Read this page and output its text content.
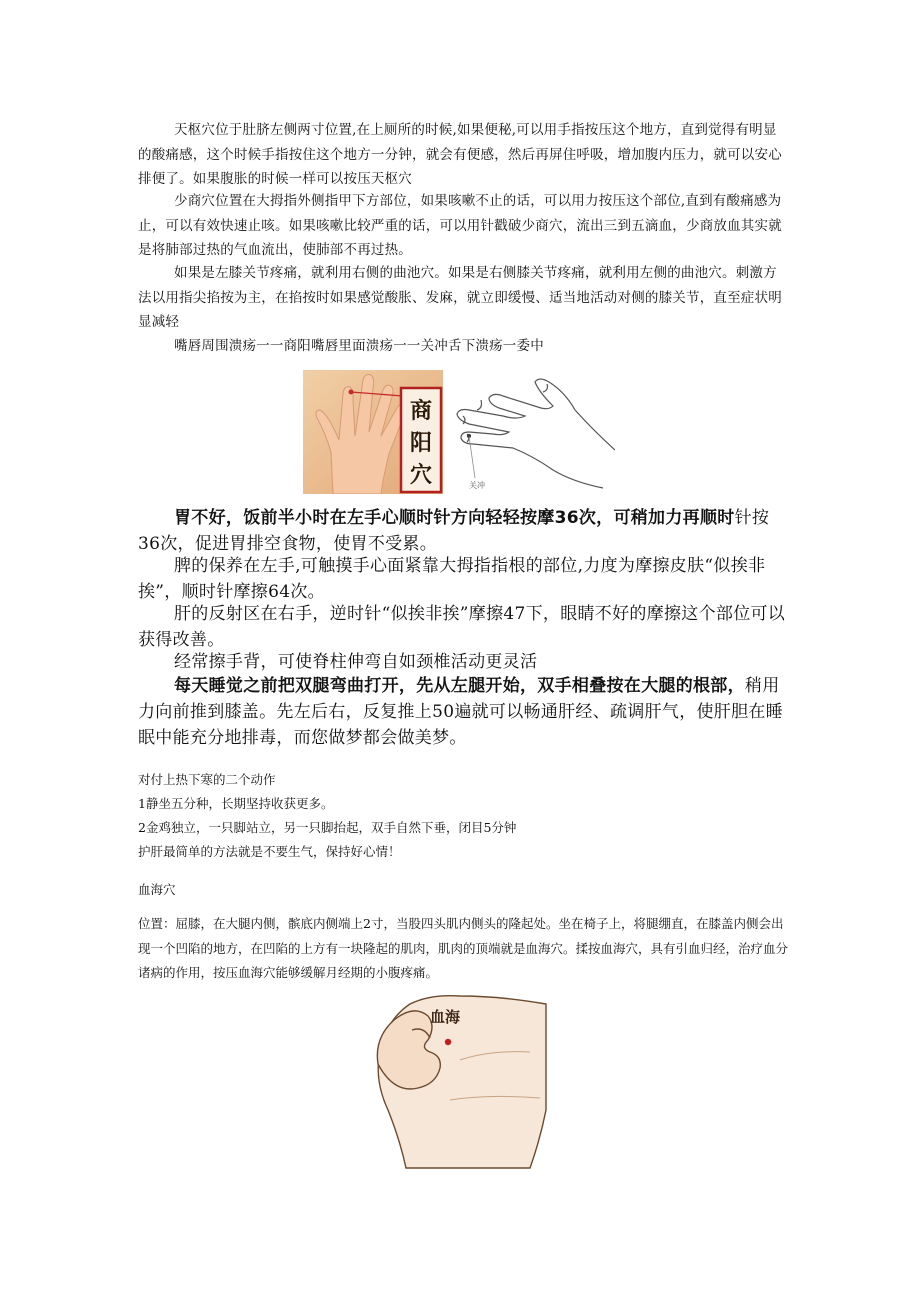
天枢穴位于肚脐左侧两寸位置,在上厕所的时候,如果便秘,可以用手指按压这个地方，直到觉得有明显的酸痛感，这个时候手指按住这个地方一分钟，就会有便感，然后再屏住呼吸，增加腹内压力，就可以安心排便了。如果腹胀的时候一样可以按压天枢穴

少商穴位置在大拇指外侧指甲下方部位，如果咳嗽不止的话，可以用力按压这个部位,直到有酸痛感为止，可以有效快速止咳。如果咳嗽比较严重的话，可以用针戳破少商穴，流出三到五滴血，少商放血其实就是将肺部过热的气血流出，使肺部不再过热。

如果是左膝关节疼痛，就利用右侧的曲池穴。如果是右侧膝关节疼痛，就利用左侧的曲池穴。刺激方法以用指尖掐按为主，在掐按时如果感觉酸胀、发麻，就立即缓慢、适当地活动对侧的膝关节，直至症状明显减轻

嘴唇周围溃疡一一商阳嘴唇里面溃疡一一关冲舌下溃疡一委中

商
阳
穴	关冲

胃不好，饭前半小时在左手心顺时针方向轻轻按摩36次，可稍加力再顺时针按36次，促进胃排空食物，使胃不受累。

脾的保养在左手,可触摸手心面紧靠大拇指指根的部位,力度为摩擦皮肤“似挨非挨”，顺时针摩擦64次。

肝的反射区在右手，逆时针“似挨非挨”摩擦47下，眼睛不好的摩擦这个部位可以获得改善。

经常擦手背，可使脊柱伸弯自如颈椎活动更灵活

每天睡觉之前把双腿弯曲打开，先从左腿开始，双手相叠按在大腿的根部，稍用力向前推到膝盖。先左后右，反复推上50遍就可以畅通肝经、疏调肝气，使肝胆在睡眠中能充分地排毒，而您做梦都会做美梦。

对付上热下寒的二个动作

1静坐五分种，长期坚持收获更多。

2金鸡独立，一只脚站立，另一只脚抬起，双手自然下垂，闭目5分钟

护肝最简单的方法就是不要生气，保持好心情！

血海穴

位置：屈膝，在大腿内侧，髌底内侧端上2寸，当股四头肌内侧头的隆起处。坐在椅子上，将腿绷直，在膝盖内侧会出现一个凹陷的地方，在凹陷的上方有一块隆起的肌肉，肌肉的顶端就是血海穴。揉按血海穴，具有引血归经，治疗血分诸病的作用，按压血海穴能够缓解月经期的小腹疼痛。

血海
